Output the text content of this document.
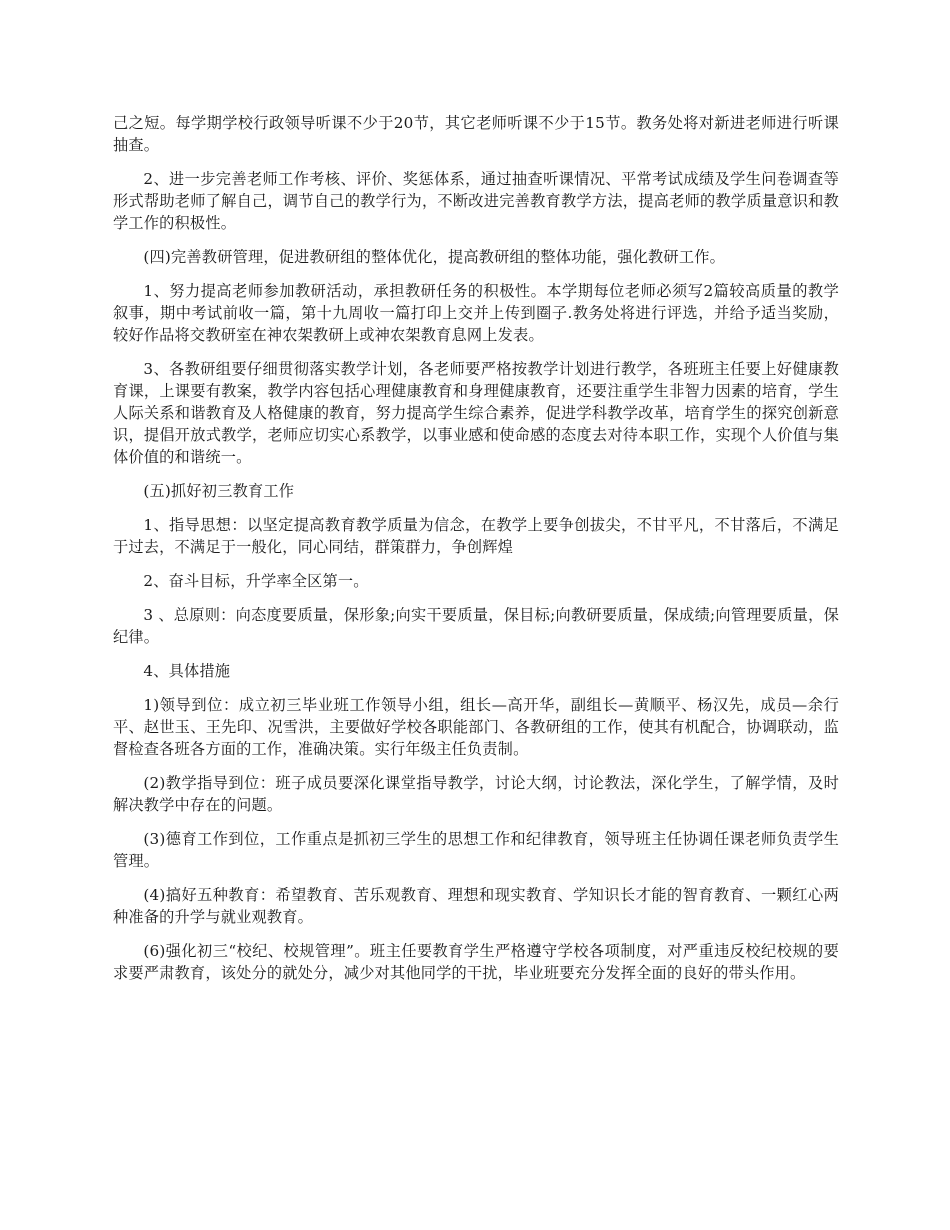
己之短。每学期学校行政领导听课不少于20节，其它老师听课不少于15节。教务处将对新进老师进行听课抽查。

2、进一步完善老师工作考核、评价、奖惩体系，通过抽查听课情况、平常考试成绩及学生问卷调查等形式帮助老师了解自己，调节自己的教学行为，不断改进完善教育教学方法，提高老师的教学质量意识和教学工作的积极性。

(四)完善教研管理，促进教研组的整体优化，提高教研组的整体功能，强化教研工作。

1、努力提高老师参加教研活动，承担教研任务的积极性。本学期每位老师必须写2篇较高质量的教学叙事，期中考试前收一篇，第十九周收一篇打印上交并上传到圈子.教务处将进行评选，并给予适当奖励，较好作品将交教研室在神农架教研上或神农架教育息网上发表。

3、各教研组要仔细贯彻落实教学计划，各老师要严格按教学计划进行教学，各班班主任要上好健康教育课，上课要有教案，教学内容包括心理健康教育和身理健康教育，还要注重学生非智力因素的培育，学生人际关系和谐教育及人格健康的教育，努力提高学生综合素养，促进学科教学改革，培育学生的探究创新意识，提倡开放式教学，老师应切实心系教学，以事业感和使命感的态度去对待本职工作，实现个人价值与集体价值的和谐统一。

(五)抓好初三教育工作

1、指导思想：以坚定提高教育教学质量为信念，在教学上要争创拔尖，不甘平凡，不甘落后，不满足于过去，不满足于一般化，同心同结，群策群力，争创辉煌

2、奋斗目标，升学率全区第一。

3 、总原则：向态度要质量，保形象;向实干要质量，保目标;向教研要质量，保成绩;向管理要质量，保纪律。

4、具体措施

1)领导到位：成立初三毕业班工作领导小组，组长—高开华，副组长—黄顺平、杨汉先，成员—余行平、赵世玉、王先印、况雪洪，主要做好学校各职能部门、各教研组的工作，使其有机配合，协调联动，监督检查各班各方面的工作，准确决策。实行年级主任负责制。

(2)教学指导到位：班子成员要深化课堂指导教学，讨论大纲，讨论教法，深化学生，了解学情，及时解决教学中存在的问题。

(3)德育工作到位，工作重点是抓初三学生的思想工作和纪律教育，领导班主任协调任课老师负责学生管理。

(4)搞好五种教育：希望教育、苦乐观教育、理想和现实教育、学知识长才能的智育教育、一颗红心两种准备的升学与就业观教育。

(6)强化初三“校纪、校规管理”。班主任要教育学生严格遵守学校各项制度，对严重违反校纪校规的要求要严肃教育，该处分的就处分，减少对其他同学的干扰，毕业班要充分发挥全面的良好的带头作用。
